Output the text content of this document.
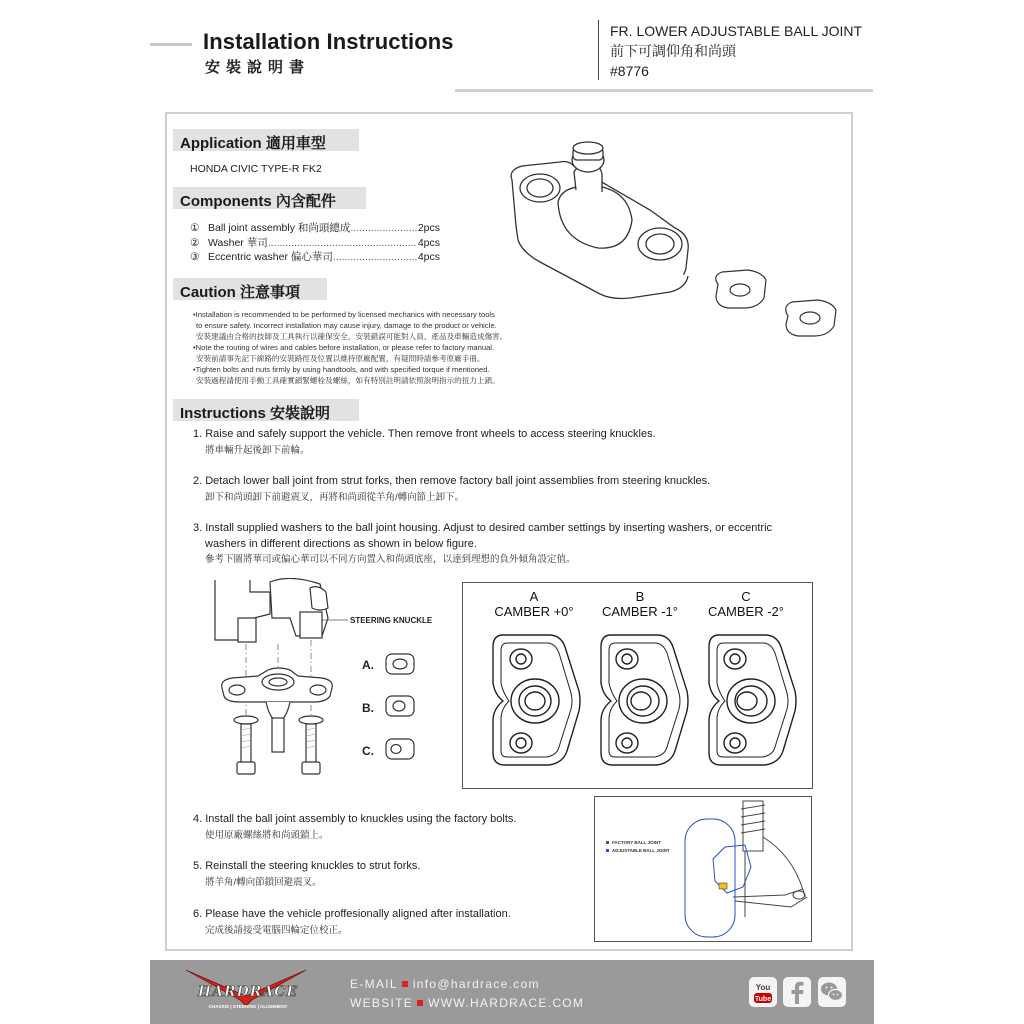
Installation Instructions
安裝說明書
FR. LOWER ADJUSTABLE BALL JOINT
前下可調仰角和尚頭
#8776
Application 適用車型
HONDA CIVIC TYPE-R FK2
Components 內含配件
① Ball joint assembly 和尚頭總成 .....	2pcs
② Washer 華司 .....	4pcs
③ Eccentric washer 偏心華司 .....	4pcs
Caution 注意事項

•Installation is recommended to be performed by licensed mechanics with necessary tools

to ensure safety. Incorrect installation may cause injury, damage to the product or vehicle.

安裝建議由合格的技師及工具執行以確保安全，安裝錯誤可能對人員、產品及車輛造成傷害。

•Note the routing of wires and cables before installation, or please refer to factory manual.

安裝前請事先記下線路的安裝路徑及位置以維持原廠配置，有疑問時請參考原廠手冊。

•Tighten bolts and nuts firmly by using handtools, and with specified torque if mentioned.

安裝過程請使用手動工具確實鎖緊螺栓及螺絲，如有特別註明請依照說明指示的扭力上鎖。

Instructions 安裝說明
1. Raise and safely support the vehicle. Then remove front wheels to access steering knuckles.
將車輛升起後卸下前輪。
2. Detach lower ball joint from strut forks, then remove factory ball joint assemblies from steering knuckles.
卸下和尚頭卸下前避震叉，再將和尚頭從羊角/轉向節上卸下。
3. Install supplied washers to the ball joint housing. Adjust to desired camber settings by inserting washers, or eccentric
washers in different directions as shown in below figure.
參考下圖將華司或偏心華司以不同方向置入和尚頭底座，以達到理想的負外傾角設定值。
STEERING KNUCKLE
A.
B.
C.
A
CAMBER +0°
B
CAMBER -1°
C
CAMBER -2°
4. Install the ball joint assembly to knuckles using the factory bolts.
使用原廠螺絲將和尚頭鎖上。
5. Reinstall the steering knuckles to strut forks.
將羊角/轉向節鎖回避震叉。
6. Please have the vehicle proffesionally aligned after installation.
完成後請接受電腦四輪定位校正。
FACTORY BALL JOINT
ADJUSTABLE BALL JOINT
HARDRACE
CHASSIS | STEERING | ALIGNMENT
E-MAIL info@hardrace.com
WEBSITE WWW.HARDRACE.COM
You
Tube
